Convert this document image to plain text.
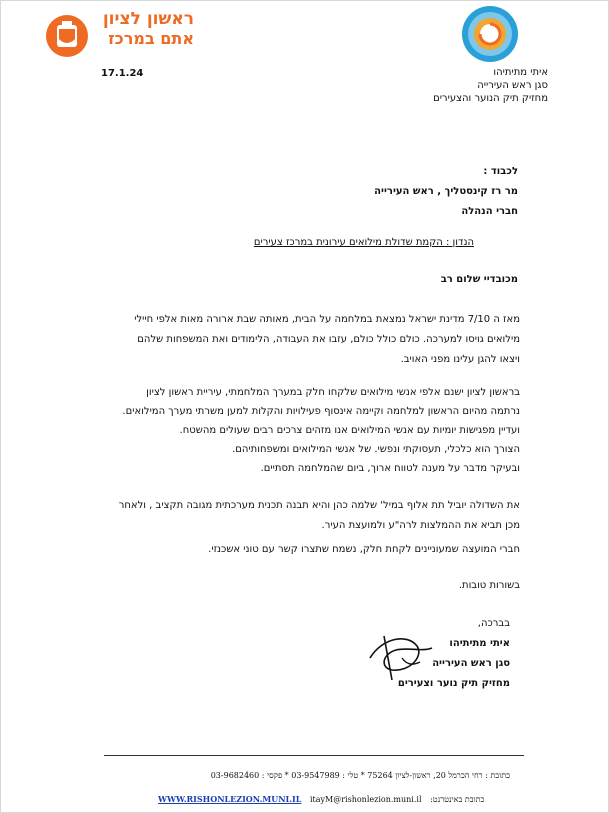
ראשון לציון
אתם במרכז
17.1.24	איתי מתיתיהו
סגן ראש העירייה
מחזיק תיק הנוער והצעירים
לכבוד :
מר רז קינסטליך , ראש העירייה
חברי הנהלה
הנדון : הקמת שדולת מילואים עירונית במרכז צעירים
מכובדיי שלום רב

מאז ה 7/10 מדינת ישראל נמצאת במלחמה על הבית, מאותה שבת ארורה מאות אלפי חיילי

מילואים גויסו למערכה. כולם כולל כולם, עזבו את העבודה, הלימודים ואת המשפחות שלהם

ויצאו להגן עלינו מפני האויב.

בראשון לציון ישנם אלפי אנשי מילואים שלקחו חלק במערך המלחמתי, עיריית ראשון לציון

נרתמה מהיום הראשון למלחמה וקיימה אינסוף פעילויות והקלות למען משרתי מערך המילואים.

ועדיין מפגישות יומיות עם אנשי המילואים אנו מזהים צרכים רבים שעולים מהשטח.

הצורך הוא כלכלי, תעסוקתי ונפשי. של אנשי המילואים ומשפחותיהם.

ובעיקר מדבר על מענה לטווח ארוך, ביום שהמלחמה תסתיים.

את השדולה יוביל תת אלוף במיל' שלמה כהן והיא תבנה תכנית מערכתית מגובה תקציב , ולאחר

מכן תביא את ההמלצות לרה"ע ולמועצת העיר.

חברי המועצה שמעוניינים לקחת חלק, נשמח שתצרו קשר עם טוני אשכנזי.
בשורות טובות.
בברכה,
איתי מתיתיהו
סגן ראש העירייה
מחזיק תיק נוער וצעירים
כתובת : רחי הכרמל 20, ראשון-לציון 75264 * טלי : 03-9547989 * פקסי : 03-9682460
WWW.RISHONLEZION.MUNI.IL itayM@rishonlezion.muni.il כתובת באינטרנט:
